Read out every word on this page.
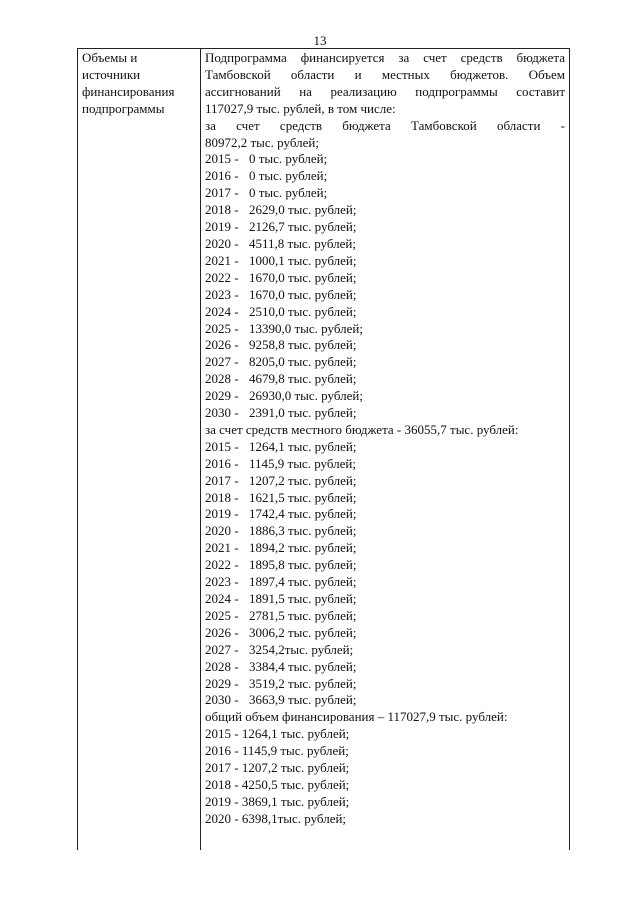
13
Объемы и
источники
финансирования
подпрограммы
Подпрограмма финансируется за счет средств бюджета
Тамбовской области и местных бюджетов. Объем
ассигнований на реализацию подпрограммы составит
117027,9 тыс. рублей, в том числе:
за счет средств бюджета Тамбовской области -
80972,2 тыс. рублей;
2015 - 0 тыс. рублей;
2016 - 0 тыс. рублей;
2017 - 0 тыс. рублей;
2018 - 2629,0 тыс. рублей;
2019 - 2126,7 тыс. рублей;
2020 - 4511,8 тыс. рублей;
2021 - 1000,1 тыс. рублей;
2022 - 1670,0 тыс. рублей;
2023 - 1670,0 тыс. рублей;
2024 - 2510,0 тыс. рублей;
2025 - 13390,0 тыс. рублей;
2026 - 9258,8 тыс. рублей;
2027 - 8205,0 тыс. рублей;
2028 - 4679,8 тыс. рублей;
2029 - 26930,0 тыс. рублей;
2030 - 2391,0 тыс. рублей;
за счет средств местного бюджета - 36055,7 тыс. рублей:
2015 - 1264,1 тыс. рублей;
2016 - 1145,9 тыс. рублей;
2017 - 1207,2 тыс. рублей;
2018 - 1621,5 тыс. рублей;
2019 - 1742,4 тыс. рублей;
2020 - 1886,3 тыс. рублей;
2021 - 1894,2 тыс. рублей;
2022 - 1895,8 тыс. рублей;
2023 - 1897,4 тыс. рублей;
2024 - 1891,5 тыс. рублей;
2025 - 2781,5 тыс. рублей;
2026 - 3006,2 тыс. рублей;
2027 - 3254,2тыс. рублей;
2028 - 3384,4 тыс. рублей;
2029 - 3519,2 тыс. рублей;
2030 - 3663,9 тыс. рублей;
общий объем финансирования – 117027,9 тыс. рублей:
2015 - 1264,1 тыс. рублей;
2016 - 1145,9 тыс. рублей;
2017 - 1207,2 тыс. рублей;
2018 - 4250,5 тыс. рублей;
2019 - 3869,1 тыс. рублей;
2020 - 6398,1тыс. рублей;
